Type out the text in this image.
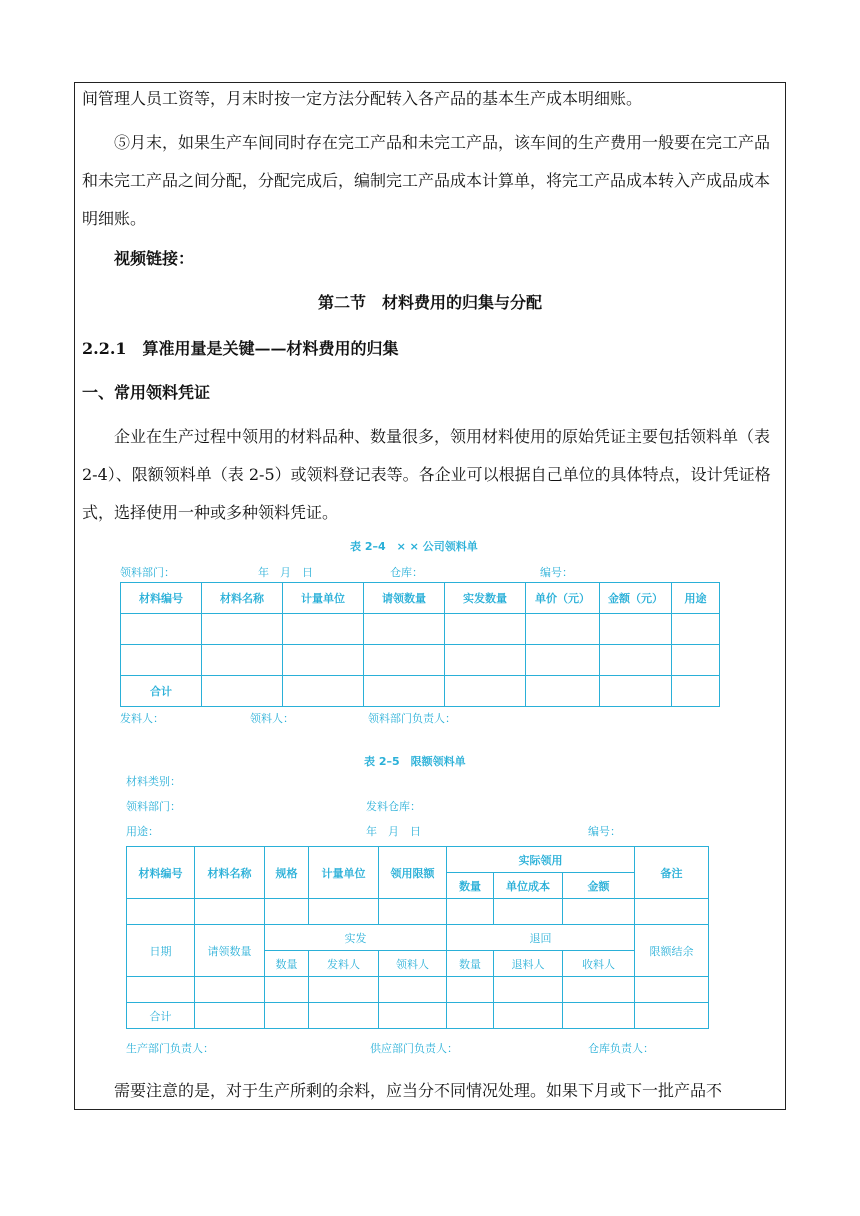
间管理人员工资等，月末时按一定方法分配转入各产品的基本生产成本明细账。

⑤月末，如果生产车间同时存在完工产品和未完工产品，该车间的生产费用一般要在完工产品和未完工产品之间分配，分配完成后，编制完工产品成本计算单，将完工产品成本转入产成品成本明细账。

视频链接：

第二节　材料费用的归集与分配

2.2.1　算准用量是关键——材料费用的归集

一、常用领料凭证

企业在生产过程中领用的材料品种、数量很多，领用材料使用的原始凭证主要包括领料单（表 2-4）、限额领料单（表 2-5）或领料登记表等。各企业可以根据自己单位的具体特点，设计凭证格式，选择使用一种或多种领料凭证。

表 2–4　× × 公司领料单
领料部门：	年　月　日	仓库：	编号：
材料编号	材料名称	计量单位	请领数量	实发数量	单价（元）	金额（元）	用途

合计							
发料人：	领料人：	领料部门负责人：
表 2–5　限额领料单
材料类别：
领料部门：	发料仓库：
用途：	年　月　日	编号：
材料编号	材料名称	规格	计量单位	领用限额	实际领用			备注
					数量	单位成本	金额	

日期	请领数量	实发			退回			限额结余
		数量	发料人	领料人	数量	退料人	收料人	

合计								
生产部门负责人：	供应部门负责人：	仓库负责人：

需要注意的是，对于生产所剩的余料，应当分不同情况处理。如果下月或下一批产品不
